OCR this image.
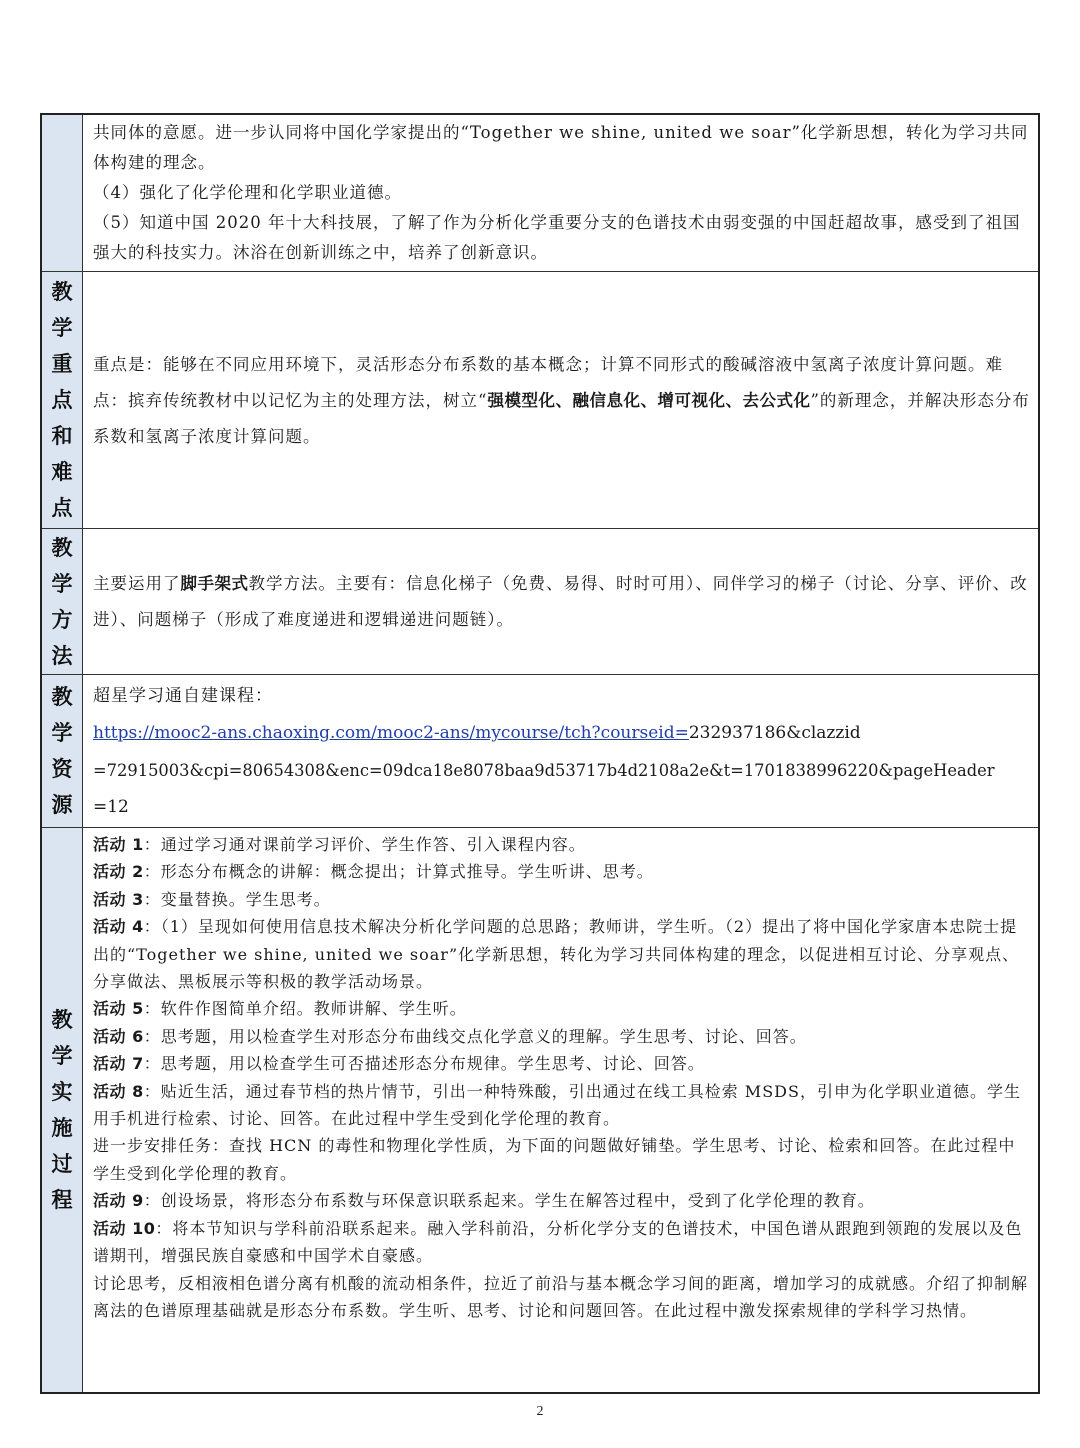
共同体的意愿。进一步认同将中国化学家提出的“Together we shine, united we soar”化学新思想，转化为学习共同体构建的理念。

（4）强化了化学伦理和化学职业道德。

（5）知道中国 2020 年十大科技展，了解了作为分析化学重要分支的色谱技术由弱变强的中国赶超故事，感受到了祖国强大的科技实力。沐浴在创新训练之中，培养了创新意识。

教
学
重
点
和
难
点

重点是：能够在不同应用环境下，灵活形态分布系数的基本概念；计算不同形式的酸碱溶液中氢离子浓度计算问题。难点：摈弃传统教材中以记忆为主的处理方法，树立“强模型化、融信息化、增可视化、去公式化”的新理念，并解决形态分布系数和氢离子浓度计算问题。

教
学
方
法

主要运用了脚手架式教学方法。主要有：信息化梯子（免费、易得、时时可用）、同伴学习的梯子（讨论、分享、评价、改进）、问题梯子（形成了难度递进和逻辑递进问题链）。

教
学
资
源

超星学习通自建课程：

https://mooc2-ans.chaoxing.com/mooc2-ans/mycourse/tch?courseid=232937186&clazzid

=72915003&cpi=80654308&enc=09dca18e8078baa9d53717b4d2108a2e&t=1701838996220&pageHeader

=12

教
学
实
施
过
程

活动 1：通过学习通对课前学习评价、学生作答、引入课程内容。

活动 2：形态分布概念的讲解：概念提出；计算式推导。学生听讲、思考。

活动 3：变量替换。学生思考。

活动 4：（1）呈现如何使用信息技术解决分析化学问题的总思路；教师讲，学生听。（2）提出了将中国化学家唐本忠院士提出的“Together we shine, united we soar”化学新思想，转化为学习共同体构建的理念，以促进相互讨论、分享观点、分享做法、黑板展示等积极的教学活动场景。

活动 5：软件作图简单介绍。教师讲解、学生听。

活动 6：思考题，用以检查学生对形态分布曲线交点化学意义的理解。学生思考、讨论、回答。

活动 7：思考题，用以检查学生可否描述形态分布规律。学生思考、讨论、回答。

活动 8：贴近生活，通过春节档的热片情节，引出一种特殊酸，引出通过在线工具检索 MSDS，引申为化学职业道德。学生用手机进行检索、讨论、回答。在此过程中学生受到化学伦理的教育。

进一步安排任务：查找 HCN 的毒性和物理化学性质，为下面的问题做好铺垫。学生思考、讨论、检索和回答。在此过程中学生受到化学伦理的教育。

活动 9：创设场景，将形态分布系数与环保意识联系起来。学生在解答过程中，受到了化学伦理的教育。

活动 10：将本节知识与学科前沿联系起来。融入学科前沿，分析化学分支的色谱技术，中国色谱从跟跑到领跑的发展以及色谱期刊，增强民族自豪感和中国学术自豪感。

讨论思考，反相液相色谱分离有机酸的流动相条件，拉近了前沿与基本概念学习间的距离，增加学习的成就感。介绍了抑制解离法的色谱原理基础就是形态分布系数。学生听、思考、讨论和问题回答。在此过程中激发探索规律的学科学习热情。

2
